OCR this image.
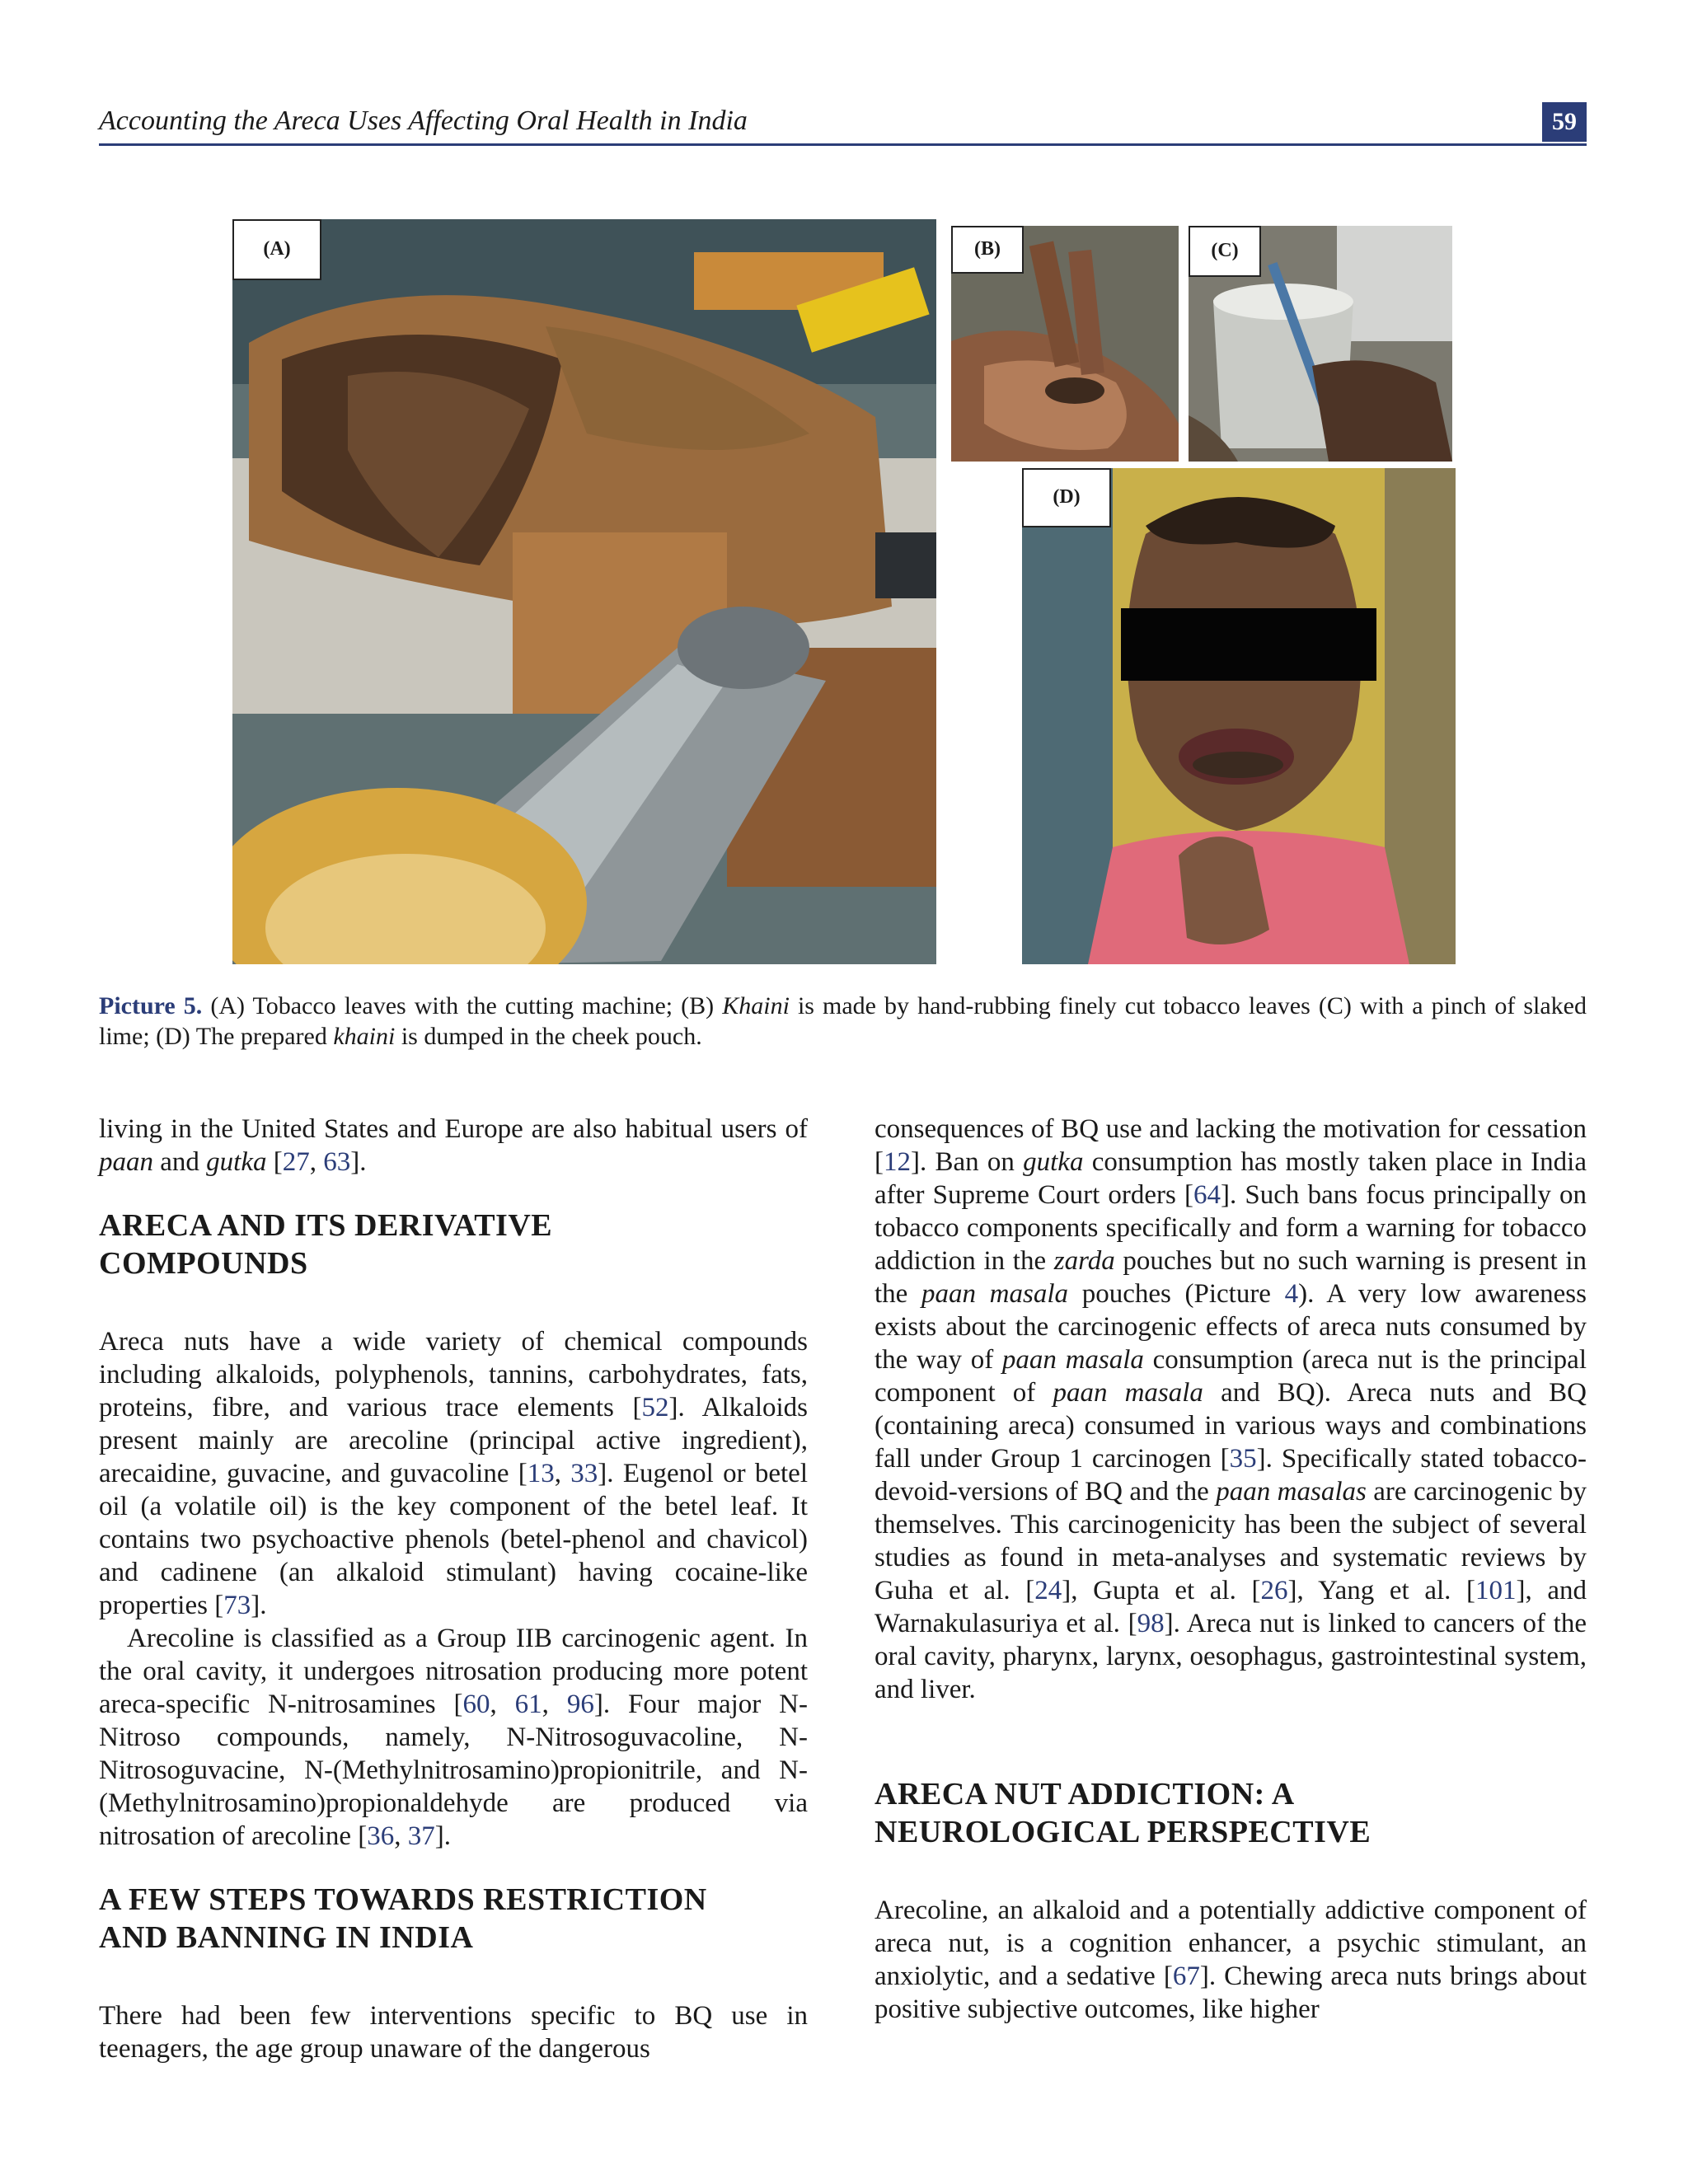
Accounting the Areca Uses Affecting Oral Health in India	59
(A)	(B)	(C)
(D)
Picture 5. (A) Tobacco leaves with the cutting machine; (B) Khaini is made by hand-rubbing finely cut tobacco leaves (C) with a pinch of slaked lime; (D) The prepared khaini is dumped in the cheek pouch.

living in the United States and Europe are also habitual users of paan and gutka [27, 63].

ARECA AND ITS DERIVATIVE
COMPOUNDS

Areca nuts have a wide variety of chemical compounds including alkaloids, polyphenols, tannins, carbohydrates, fats, proteins, fibre, and various trace elements [52]. Alkaloids present mainly are arecoline (principal active ingredient), arecaidine, guvacine, and guvacoline [13, 33]. Eugenol or betel oil (a volatile oil) is the key component of the betel leaf. It contains two psychoactive phenols (betel-phenol and chavicol) and cadinene (an alkaloid stimulant) having cocaine-like properties [73].

Arecoline is classified as a Group IIB carcinogenic agent. In the oral cavity, it undergoes nitrosation producing more potent areca-specific N-nitrosamines [60, 61, 96]. Four major N-Nitroso compounds, namely, N-Nitrosoguvacoline, N-Nitrosoguvacine, N-(Methylnitrosamino)propionitrile, and N-(Methylnitrosamino)propionaldehyde are produced via nitrosation of arecoline [36, 37].

A FEW STEPS TOWARDS RESTRICTION
AND BANNING IN INDIA

There had been few interventions specific to BQ use in teenagers, the age group unaware of the dangerous

consequences of BQ use and lacking the motivation for cessation [12]. Ban on gutka consumption has mostly taken place in India after Supreme Court orders [64]. Such bans focus principally on tobacco components specifically and form a warning for tobacco addiction in the zarda pouches but no such warning is present in the paan masala pouches (Picture 4). A very low awareness exists about the carcinogenic effects of areca nuts consumed by the way of paan masala consumption (areca nut is the principal component of paan masala and BQ). Areca nuts and BQ (containing areca) consumed in various ways and combinations fall under Group 1 carcinogen [35]. Specifically stated tobacco-devoid-versions of BQ and the paan masalas are carcinogenic by themselves. This carcinogenicity has been the subject of several studies as found in meta-analyses and systematic reviews by Guha et al. [24], Gupta et al. [26], Yang et al. [101], and Warnakulasuriya et al. [98]. Areca nut is linked to cancers of the oral cavity, pharynx, larynx, oesophagus, gastrointestinal system, and liver.

ARECA NUT ADDICTION: A
NEUROLOGICAL PERSPECTIVE

Arecoline, an alkaloid and a potentially addictive component of areca nut, is a cognition enhancer, a psychic stimulant, an anxiolytic, and a sedative [67]. Chewing areca nuts brings about positive subjective outcomes, like higher
